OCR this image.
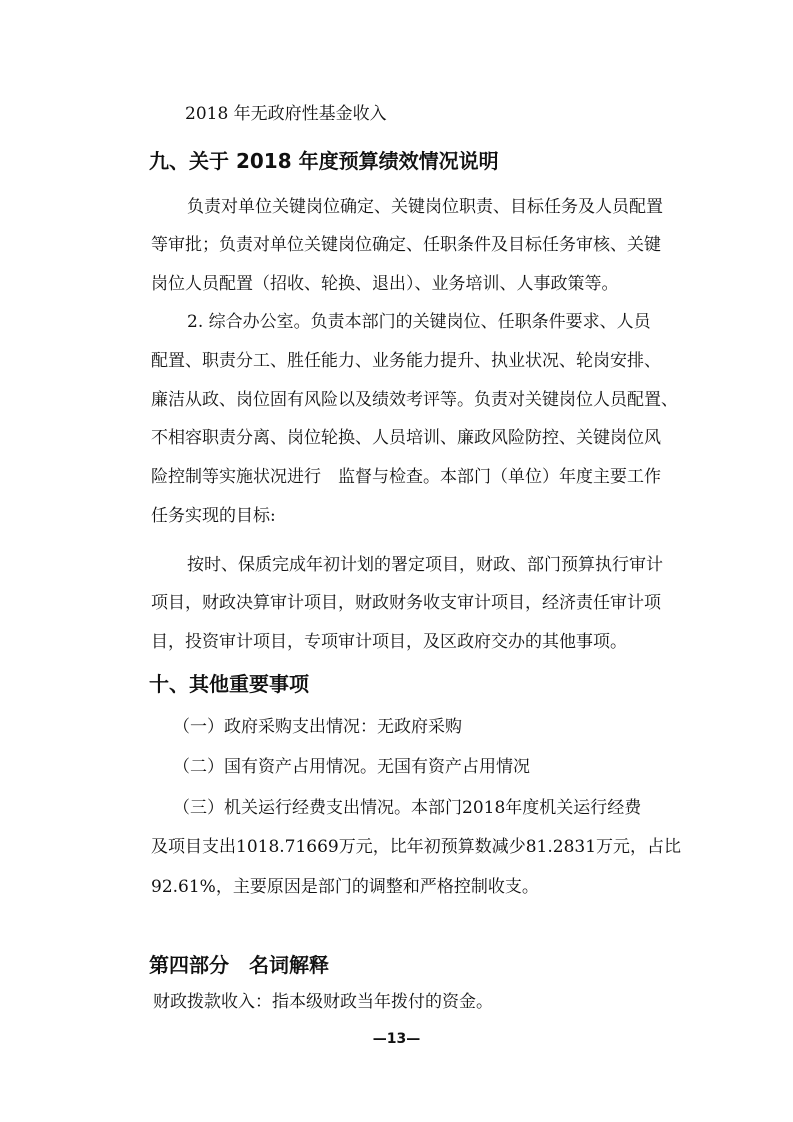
2018 年无政府性基金收入
九、关于 2018 年度预算绩效情况说明
负责对单位关键岗位确定、关键岗位职责、目标任务及人员配置
等审批；负责对单位关键岗位确定、任职条件及目标任务审核、关键
岗位人员配置（招收、轮换、退出）、业务培训、人事政策等。
2. 综合办公室。负责本部门的关键岗位、任职条件要求、人员
配置、职责分工、胜任能力、业务能力提升、执业状况、轮岗安排、
廉洁从政、岗位固有风险以及绩效考评等。负责对关键岗位人员配置、
不相容职责分离、岗位轮换、人员培训、廉政风险防控、关键岗位风
险控制等实施状况进行　监督与检查。本部门（单位）年度主要工作
任务实现的目标:
按时、保质完成年初计划的署定项目，财政、部门预算执行审计
项目，财政决算审计项目，财政财务收支审计项目，经济责任审计项
目，投资审计项目，专项审计项目，及区政府交办的其他事项。
十、其他重要事项
（一）政府采购支出情况：无政府采购
（二）国有资产占用情况。无国有资产占用情况
（三）机关运行经费支出情况。本部门2018年度机关运行经费
及项目支出1018.71669万元，比年初预算数减少81.2831万元，占比
92.61%，主要原因是部门的调整和严格控制收支。
第四部分　名词解释
财政拨款收入：指本级财政当年拨付的资金。
—13—
